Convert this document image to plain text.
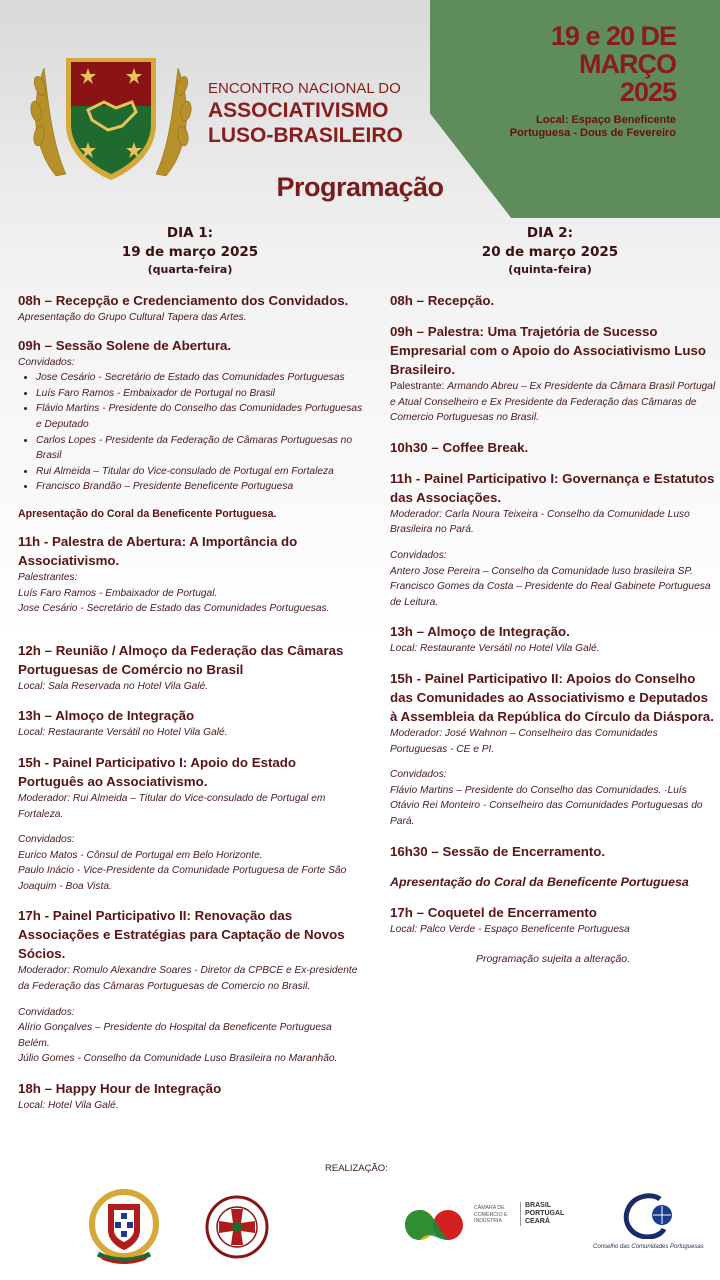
19 e 20 DE
MARÇO
2025
Local: Espaço Beneficente
Portuguesa - Dous de Fevereiro
ENCONTRO NACIONAL DO
ASSOCIATIVISMO
LUSO-BRASILEIRO
Programação
DIA 1:
19 de março 2025
(quarta-feira)
DIA 2:
20 de março 2025
(quinta-feira)
08h – Recepção e Credenciamento dos Convidados.
Apresentação do Grupo Cultural Tapera das Artes.
09h – Sessão Solene de Abertura.
Convidados:
• Jose Cesário - Secretário de Estado das Comunidades Portuguesas
• Luís Faro Ramos - Embaixador de Portugal no Brasil
• Flávio Martins - Presidente do Conselho das Comunidades Portuguesas e Deputado
• Carlos Lopes - Presidente da Federação de Câmaras Portuguesas no Brasil
• Rui Almeida – Titular do Vice-consulado de Portugal em Fortaleza
• Francisco Brandão – Presidente Beneficente Portuguesa
Apresentação do Coral da Beneficente Portuguesa.
11h - Palestra de Abertura: A Importância do Associativismo.
Palestrantes:
Luís Faro Ramos - Embaixador de Portugal.
Jose Cesário - Secretário de Estado das Comunidades Portuguesas.
12h – Reunião / Almoço da Federação das Câmaras Portuguesas de Comércio no Brasil
Local: Sala Reservada no Hotel Vila Galé.
13h – Almoço de Integração
Local: Restaurante Versátil no Hotel Vila Galé.
15h - Painel Participativo I: Apoio do Estado Português ao Associativismo.
Moderador: Rui Almeida – Titular do Vice-consulado de Portugal em Fortaleza.
Convidados:
Eurico Matos - Cônsul de Portugal em Belo Horizonte.
Paulo Inácio - Vice-Presidente da Comunidade Portuguesa de Forte São Joaquim - Boa Vista.
17h - Painel Participativo II: Renovação das Associações e Estratégias para Captação de Novos Sócios.
Moderador: Romulo Alexandre Soares - Diretor da CPBCE e Ex-presidente da Federação das Câmaras Portuguesas de Comercio no Brasil.
Convidados:
Alírio Gonçalves – Presidente do Hospital da Beneficente Portuguesa Belém.
Júlio Gomes - Conselho da Comunidade Luso Brasileira no Maranhão.
18h – Happy Hour de Integração
Local: Hotel Vila Galé.
08h – Recepção.
09h – Palestra: Uma Trajetória de Sucesso Empresarial com o Apoio do Associativismo Luso Brasileiro.
Palestrante: Armando Abreu – Ex Presidente da Câmara Brasil Portugal e Atual Conselheiro e Ex Presidente da Federação das Câmaras de Comercio Portuguesas no Brasil.
10h30 – Coffee Break.
11h - Painel Participativo I: Governança e Estatutos das Associações.
Moderador: Carla Noura Teixeira - Conselho da Comunidade Luso Brasileira no Pará.
Convidados:
Antero Jose Pereira – Conselho da Comunidade luso brasileira SP.
Francisco Gomes da Costa – Presidente do Real Gabinete Portuguesa de Leitura.
13h – Almoço de Integração.
Local: Restaurante Versátil no Hotel Vila Galé.
15h - Painel Participativo II: Apoios do Conselho das Comunidades ao Associativismo e Deputados à Assembleia da República do Círculo da Diáspora.
Moderador: José Wahnon – Conselheiro das Comunidades Portuguesas - CE e PI.
Convidados:
Flávio Martins – Presidente do Conselho das Comunidades. ·Luís Otávio Rei Monteiro - Conselheiro das Comunidades Portuguesas do Pará.
16h30 – Sessão de Encerramento.
Apresentação do Coral da Beneficente Portuguesa
17h – Coquetel de Encerramento
Local: Palco Verde - Espaço Beneficente Portuguesa
Programação sujeita a alteração.
REALIZAÇÃO:
CÂMARA DE
COMÉRCIO E
INDÚSTRIA
BRASIL
PORTUGAL
CEARÁ
Conselho das Comunidades Portuguesas
